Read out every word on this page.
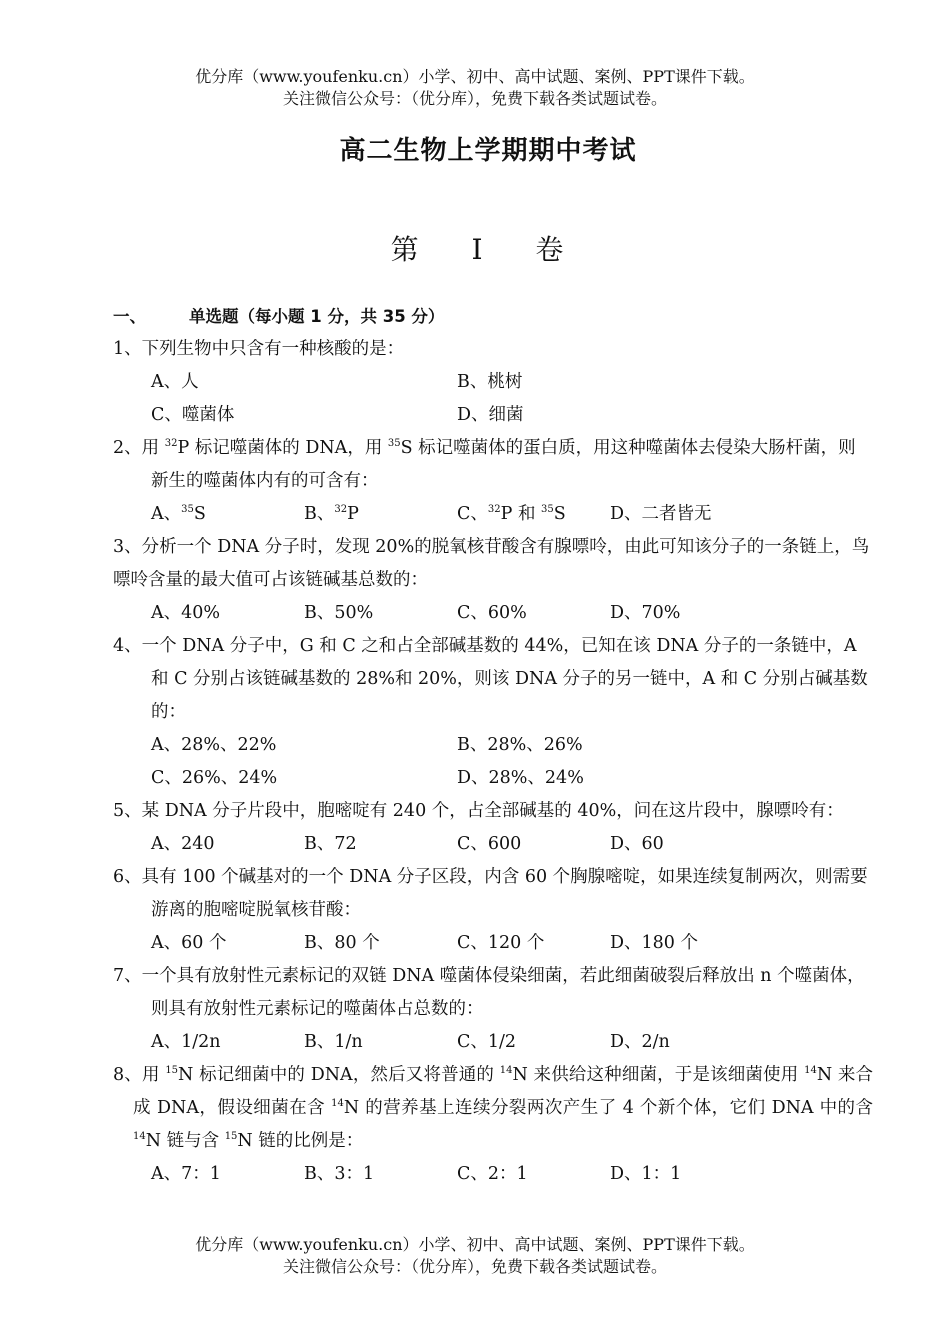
优分库（www.youfenku.cn）小学、初中、高中试题、案例、PPT课件下载。
关注微信公众号：（优分库），免费下载各类试题试卷。
高二生物上学期期中考试
第 I 卷
一、	单选题（每小题 1 分，共 35 分）
1、下列生物中只含有一种核酸的是：
A、人	B、桃树
C、噬菌体	D、细菌
2、用 $^{32}$P 标记噬菌体的 DNA，用 $^{35}$S 标记噬菌体的蛋白质，用这种噬菌体去侵染大肠杆菌，则新生的噬菌体内有的可含有：
A、$^{35}$S	B、$^{32}$P	C、$^{32}$P 和 $^{35}$S	D、二者皆无
3、分析一个 DNA 分子时，发现 20%的脱氧核苷酸含有腺嘌呤，由此可知该分子的一条链上，鸟嘌呤含量的最大值可占该链碱基总数的：
A、40%	B、50%	C、60%	D、70%
4、一个 DNA 分子中，G 和 C 之和占全部碱基数的 44%，已知在该 DNA 分子的一条链中，A 和 C 分别占该链碱基数的 28%和 20%，则该 DNA 分子的另一链中，A 和 C 分别占碱基数的：
A、28%、22%	B、28%、26%
C、26%、24%	D、28%、24%
5、某 DNA 分子片段中，胞嘧啶有 240 个，占全部碱基的 40%，问在这片段中，腺嘌呤有：
A、240	B、72	C、600	D、60
6、具有 100 个碱基对的一个 DNA 分子区段，内含 60 个胸腺嘧啶，如果连续复制两次，则需要游离的胞嘧啶脱氧核苷酸：
A、60 个	B、80 个	C、120 个	D、180 个
7、一个具有放射性元素标记的双链 DNA 噬菌体侵染细菌，若此细菌破裂后释放出 n 个噬菌体，则具有放射性元素标记的噬菌体占总数的：
A、1/2n	B、1/n	C、1/2	D、2/n
8、用 $^{15}$N 标记细菌中的 DNA，然后又将普通的 $^{14}$N 来供给这种细菌，于是该细菌使用 $^{14}$N 来合成 DNA，假设细菌在含 $^{14}$N 的营养基上连续分裂两次产生了 4 个新个体，它们 DNA 中的含 $^{14}$N 链与含 $^{15}$N 链的比例是：
A、7：1	B、3：1	C、2：1	D、1：1
优分库（www.youfenku.cn）小学、初中、高中试题、案例、PPT课件下载。
关注微信公众号：（优分库），免费下载各类试题试卷。
